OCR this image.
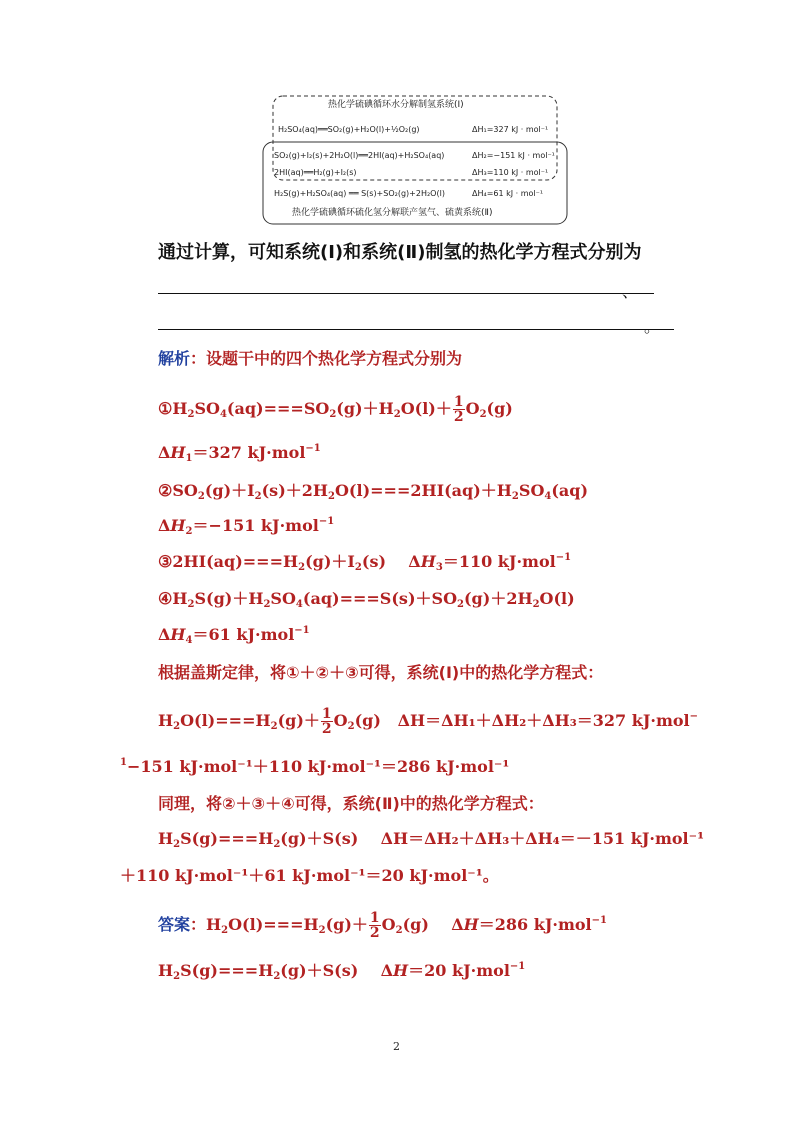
热化学硫碘循环水分解制氢系统(Ⅰ)
H₂SO₄(aq)══SO₂(g)+H₂O(l)+½O₂(g)	ΔH₁=327 kJ · mol⁻¹
SO₂(g)+I₂(s)+2H₂O(l)══2HI(aq)+H₂SO₄(aq)	ΔH₂=−151 kJ · mol⁻¹
2HI(aq)══H₂(g)+I₂(s)	ΔH₃=110 kJ · mol⁻¹
H₂S(g)+H₂SO₄(aq) ══ S(s)+SO₂(g)+2H₂O(l)	ΔH₄=61 kJ · mol⁻¹
热化学硫碘循环硫化氢分解联产氢气、硫黄系统(Ⅱ)
通过计算，可知系统(Ⅰ)和系统(Ⅱ)制氢的热化学方程式分别为
、
。
解析：设题干中的四个热化学方程式分别为
$①H_2SO_4(aq)===SO_2(g)+H_2O(l)+ \frac{1}{2} O_2(g)$
$\Delta H_1=327$ kJ·mol$^{-1}$
$②SO_2(g)+I_2(s)+2H_2O(l)===2HI(aq)+H_2SO_4(aq)$
$\Delta H_2=-151$ kJ·mol$^{-1}$
$③2HI(aq)===H_2(g)+I_2(s)$    $\Delta H_3=110$ kJ·mol$^{-1}$
$④H_2S(g)+H_2SO_4(aq)===S(s)+SO_2(g)+2H_2O(l)$
$\Delta H_4=61$ kJ·mol$^{-1}$
根据盖斯定律，将①＋②＋③可得，系统(Ⅰ)中的热化学方程式：
$H_2O(l)===H_2(g)+ \frac{1}{2} O_2(g)$   ΔH＝ΔH₁＋ΔH₂＋ΔH₃＝327 kJ·mol−
$^1$−151 kJ·mol⁻¹＋110 kJ·mol⁻¹＝286 kJ·mol⁻¹
同理，将②＋③＋④可得，系统(Ⅱ)中的热化学方程式：
$H_2S(g)===H_2(g)+S(s)$    ΔH＝ΔH₂＋ΔH₃＋ΔH₄＝－151 kJ·mol⁻¹
＋110 kJ·mol⁻¹＋61 kJ·mol⁻¹＝20 kJ·mol⁻¹。
答案：$H_2O(l)===H_2(g)+ \frac{1}{2} O_2(g)$    ΔH＝286 kJ·mol$^{-1}$
$H_2S(g)===H_2(g)+S(s)$    ΔH＝20 kJ·mol$^{-1}$
2
